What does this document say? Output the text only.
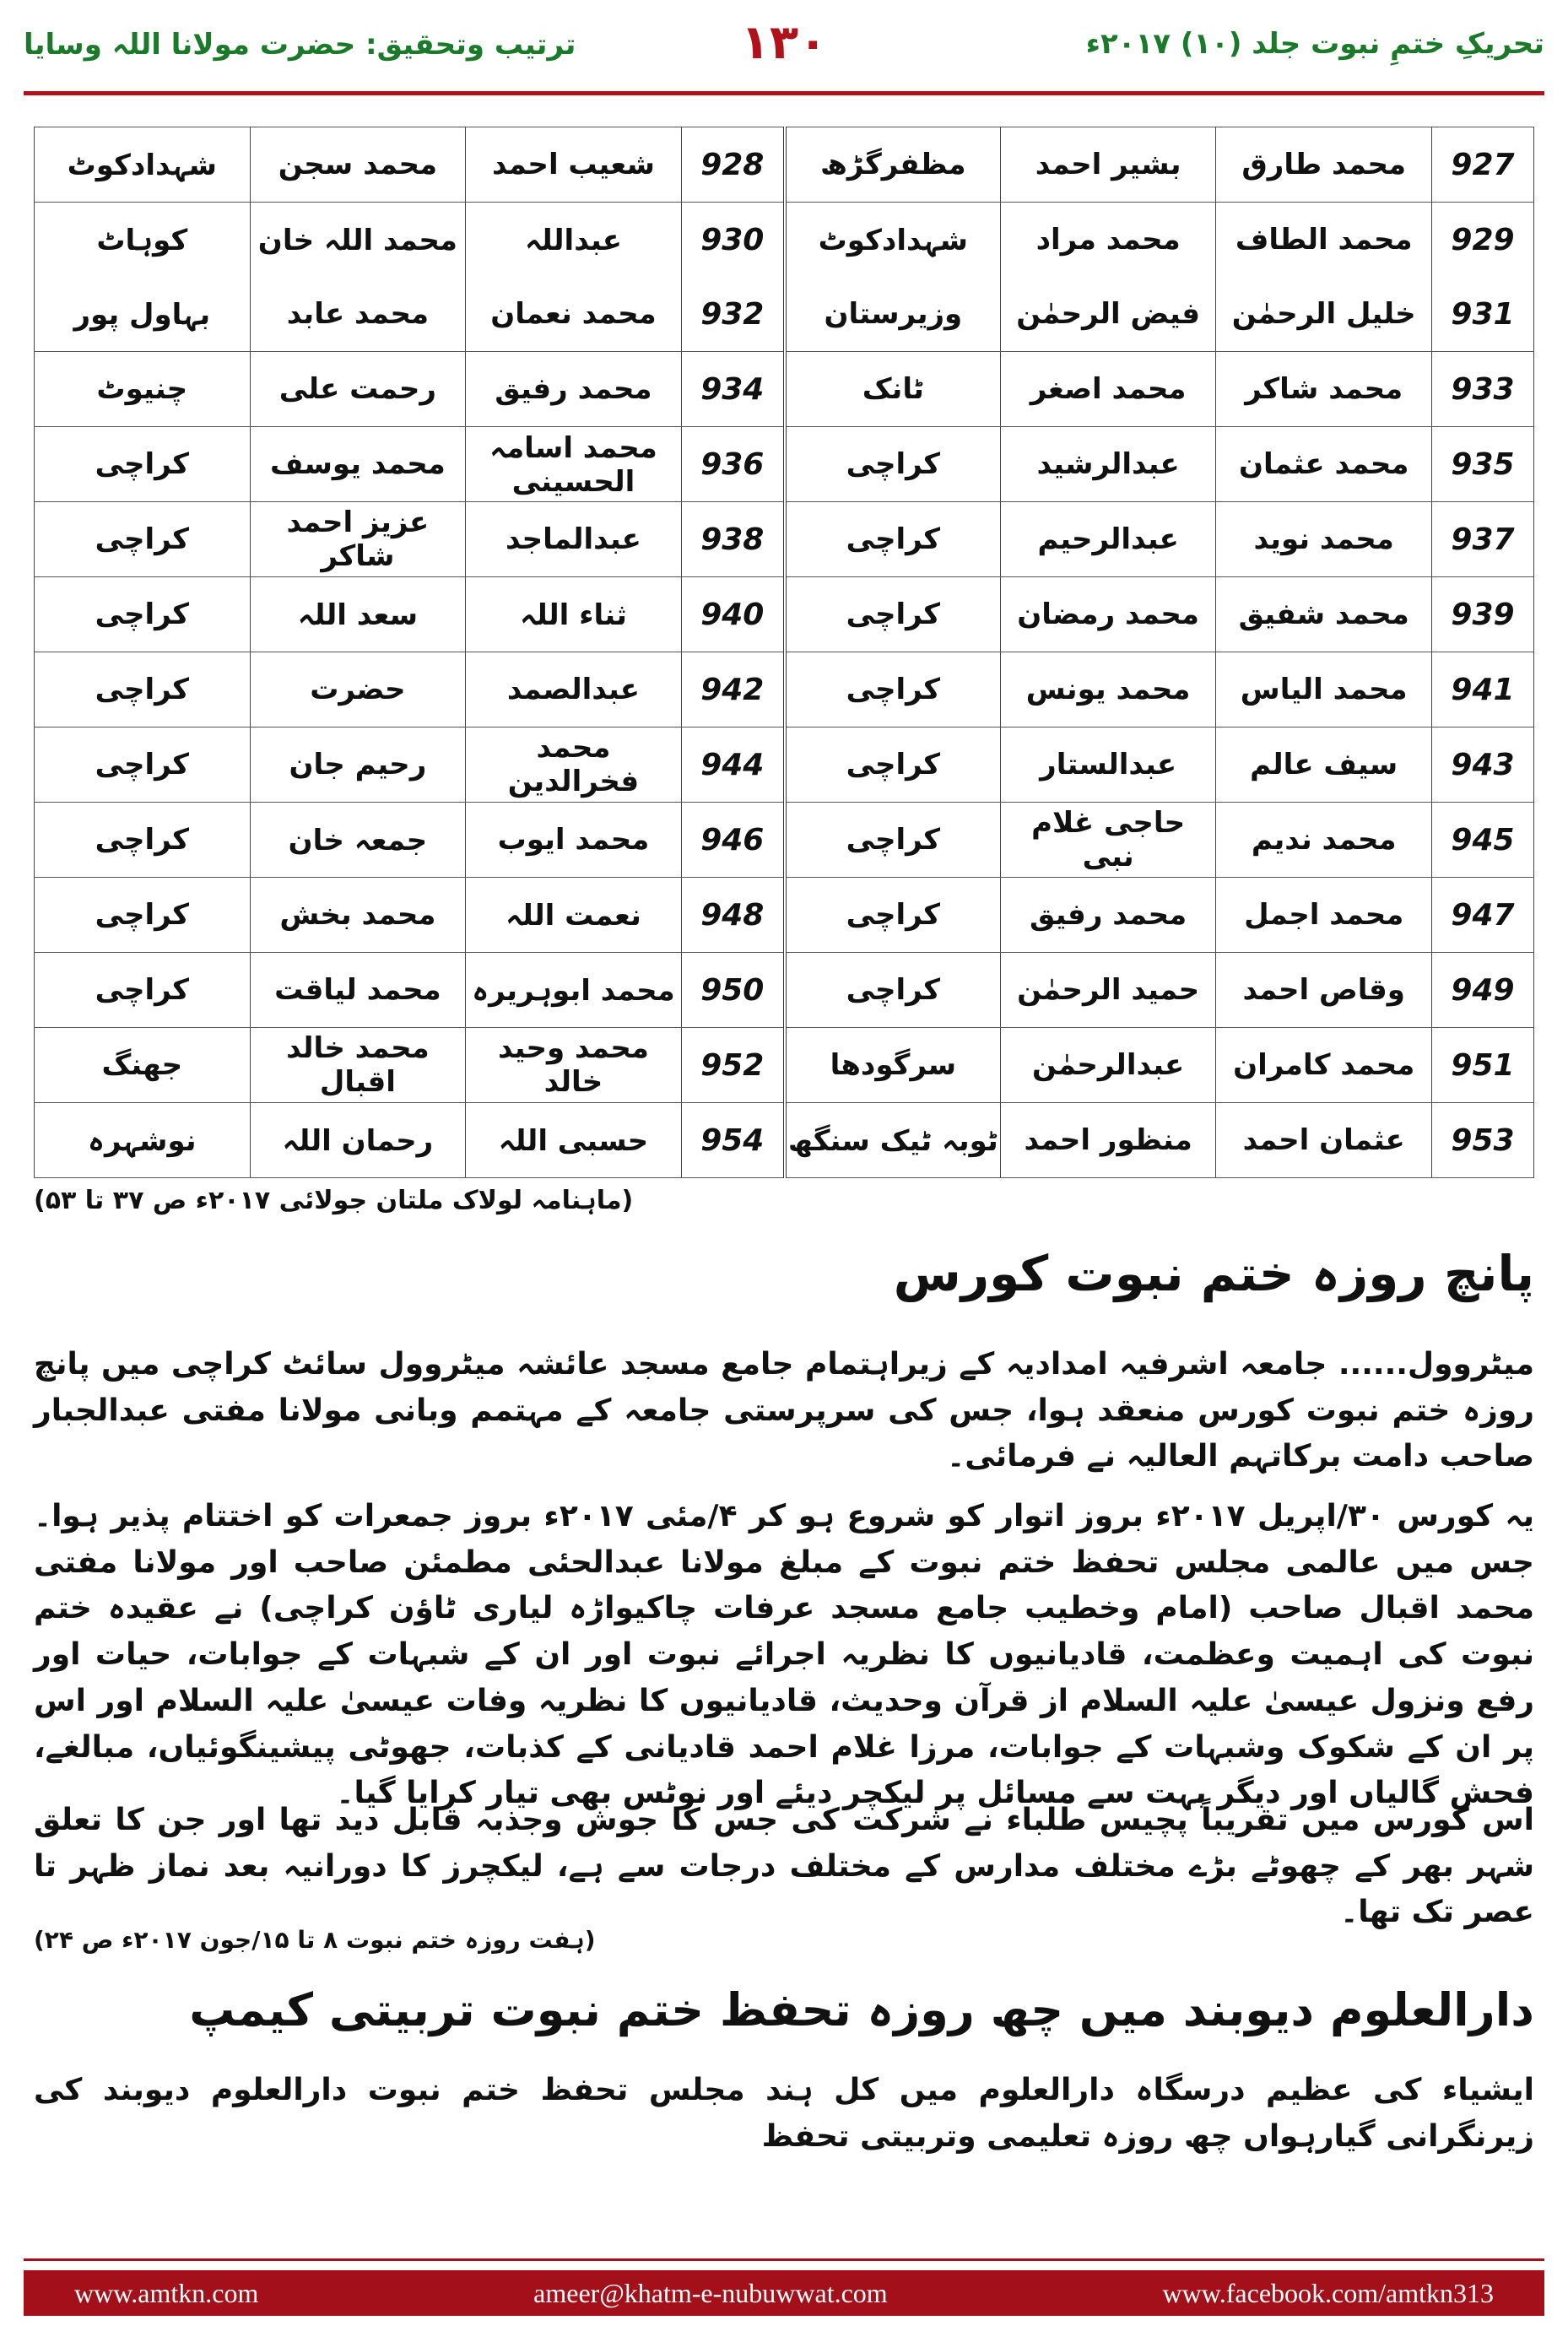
تحریکِ ختمِ نبوت جلد (۱۰) ۲۰۱۷ء
۱۳۰
ترتیب وتحقیق: حضرت مولانا اللہ وسایا
927	محمد طارق	بشیر احمد	مظفرگڑھ	928	شعیب احمد	محمد سجن	شہدادکوٹ
929	محمد الطاف	محمد مراد	شہدادکوٹ	930	عبداللہ	محمد اللہ خان	کوہاٹ
931	خلیل الرحمٰن	فیض الرحمٰن	وزیرستان	932	محمد نعمان	محمد عابد	بہاول پور
933	محمد شاکر	محمد اصغر	ٹانک	934	محمد رفیق	رحمت علی	چنیوٹ
935	محمد عثمان	عبدالرشید	کراچی	936	محمد اسامہ الحسینی	محمد یوسف	کراچی
937	محمد نوید	عبدالرحیم	کراچی	938	عبدالماجد	عزیز احمد شاکر	کراچی
939	محمد شفیق	محمد رمضان	کراچی	940	ثناء اللہ	سعد اللہ	کراچی
941	محمد الیاس	محمد یونس	کراچی	942	عبدالصمد	حضرت	کراچی
943	سیف عالم	عبدالستار	کراچی	944	محمد فخرالدین	رحیم جان	کراچی
945	محمد ندیم	حاجی غلام نبی	کراچی	946	محمد ایوب	جمعہ خان	کراچی
947	محمد اجمل	محمد رفیق	کراچی	948	نعمت اللہ	محمد بخش	کراچی
949	وقاص احمد	حمید الرحمٰن	کراچی	950	محمد ابوہریرہ	محمد لیاقت	کراچی
951	محمد کامران	عبدالرحمٰن	سرگودھا	952	محمد وحید خالد	محمد خالد اقبال	جھنگ
953	عثمان احمد	منظور احمد	ٹوبہ ٹیک سنگھ	954	حسبی اللہ	رحمان اللہ	نوشہرہ
(ماہنامہ لولاک ملتان جولائی ۲۰۱۷ء ص ۳۷ تا ۵۳)
پانچ روزہ ختم نبوت کورس
میٹروول...... جامعہ اشرفیہ امدادیہ کے زیراہتمام جامع مسجد عائشہ میٹروول سائٹ کراچی میں پانچ روزہ ختم نبوت کورس منعقد ہوا، جس کی سرپرستی جامعہ کے مہتمم وبانی مولانا مفتی عبدالجبار صاحب دامت برکاتہم العالیہ نے فرمائی۔
یہ کورس ۳۰/اپریل ۲۰۱۷ء بروز اتوار کو شروع ہو کر ۴/مئی ۲۰۱۷ء بروز جمعرات کو اختتام پذیر ہوا۔ جس میں عالمی مجلس تحفظ ختم نبوت کے مبلغ مولانا عبدالحئی مطمئن صاحب اور مولانا مفتی محمد اقبال صاحب (امام وخطیب جامع مسجد عرفات چاکیواڑہ لیاری ٹاؤن کراچی) نے عقیدہ ختم نبوت کی اہمیت وعظمت، قادیانیوں کا نظریہ اجرائے نبوت اور ان کے شبہات کے جوابات، حیات اور رفع ونزول عیسیٰ علیہ السلام از قرآن وحدیث، قادیانیوں کا نظریہ وفات عیسیٰ علیہ السلام اور اس پر ان کے شکوک وشبہات کے جوابات، مرزا غلام احمد قادیانی کے کذبات، جھوٹی پیشینگوئیاں، مبالغے، فحش گالیاں اور دیگر بہت سے مسائل پر لیکچر دیئے اور نوٹس بھی تیار کرایا گیا۔
اس کورس میں تقریباً پچیس طلباء نے شرکت کی جس کا جوش وجذبہ قابل دید تھا اور جن کا تعلق شہر بھر کے چھوٹے بڑے مختلف مدارس کے مختلف درجات سے ہے، لیکچرز کا دورانیہ بعد نماز ظہر تا عصر تک تھا۔
(ہفت روزہ ختم نبوت ۸ تا ۱۵/جون ۲۰۱۷ء ص ۲۴)
دارالعلوم دیوبند میں چھ روزہ تحفظ ختم نبوت تربیتی کیمپ
ایشیاء کی عظیم درسگاہ دارالعلوم میں کل ہند مجلس تحفظ ختم نبوت دارالعلوم دیوبند کی زیرنگرانی گیارہواں چھ روزہ تعلیمی وتربیتی تحفظ
www.amtkn.com	ameer@khatm-e-nubuwwat.com	www.facebook.com/amtkn313
